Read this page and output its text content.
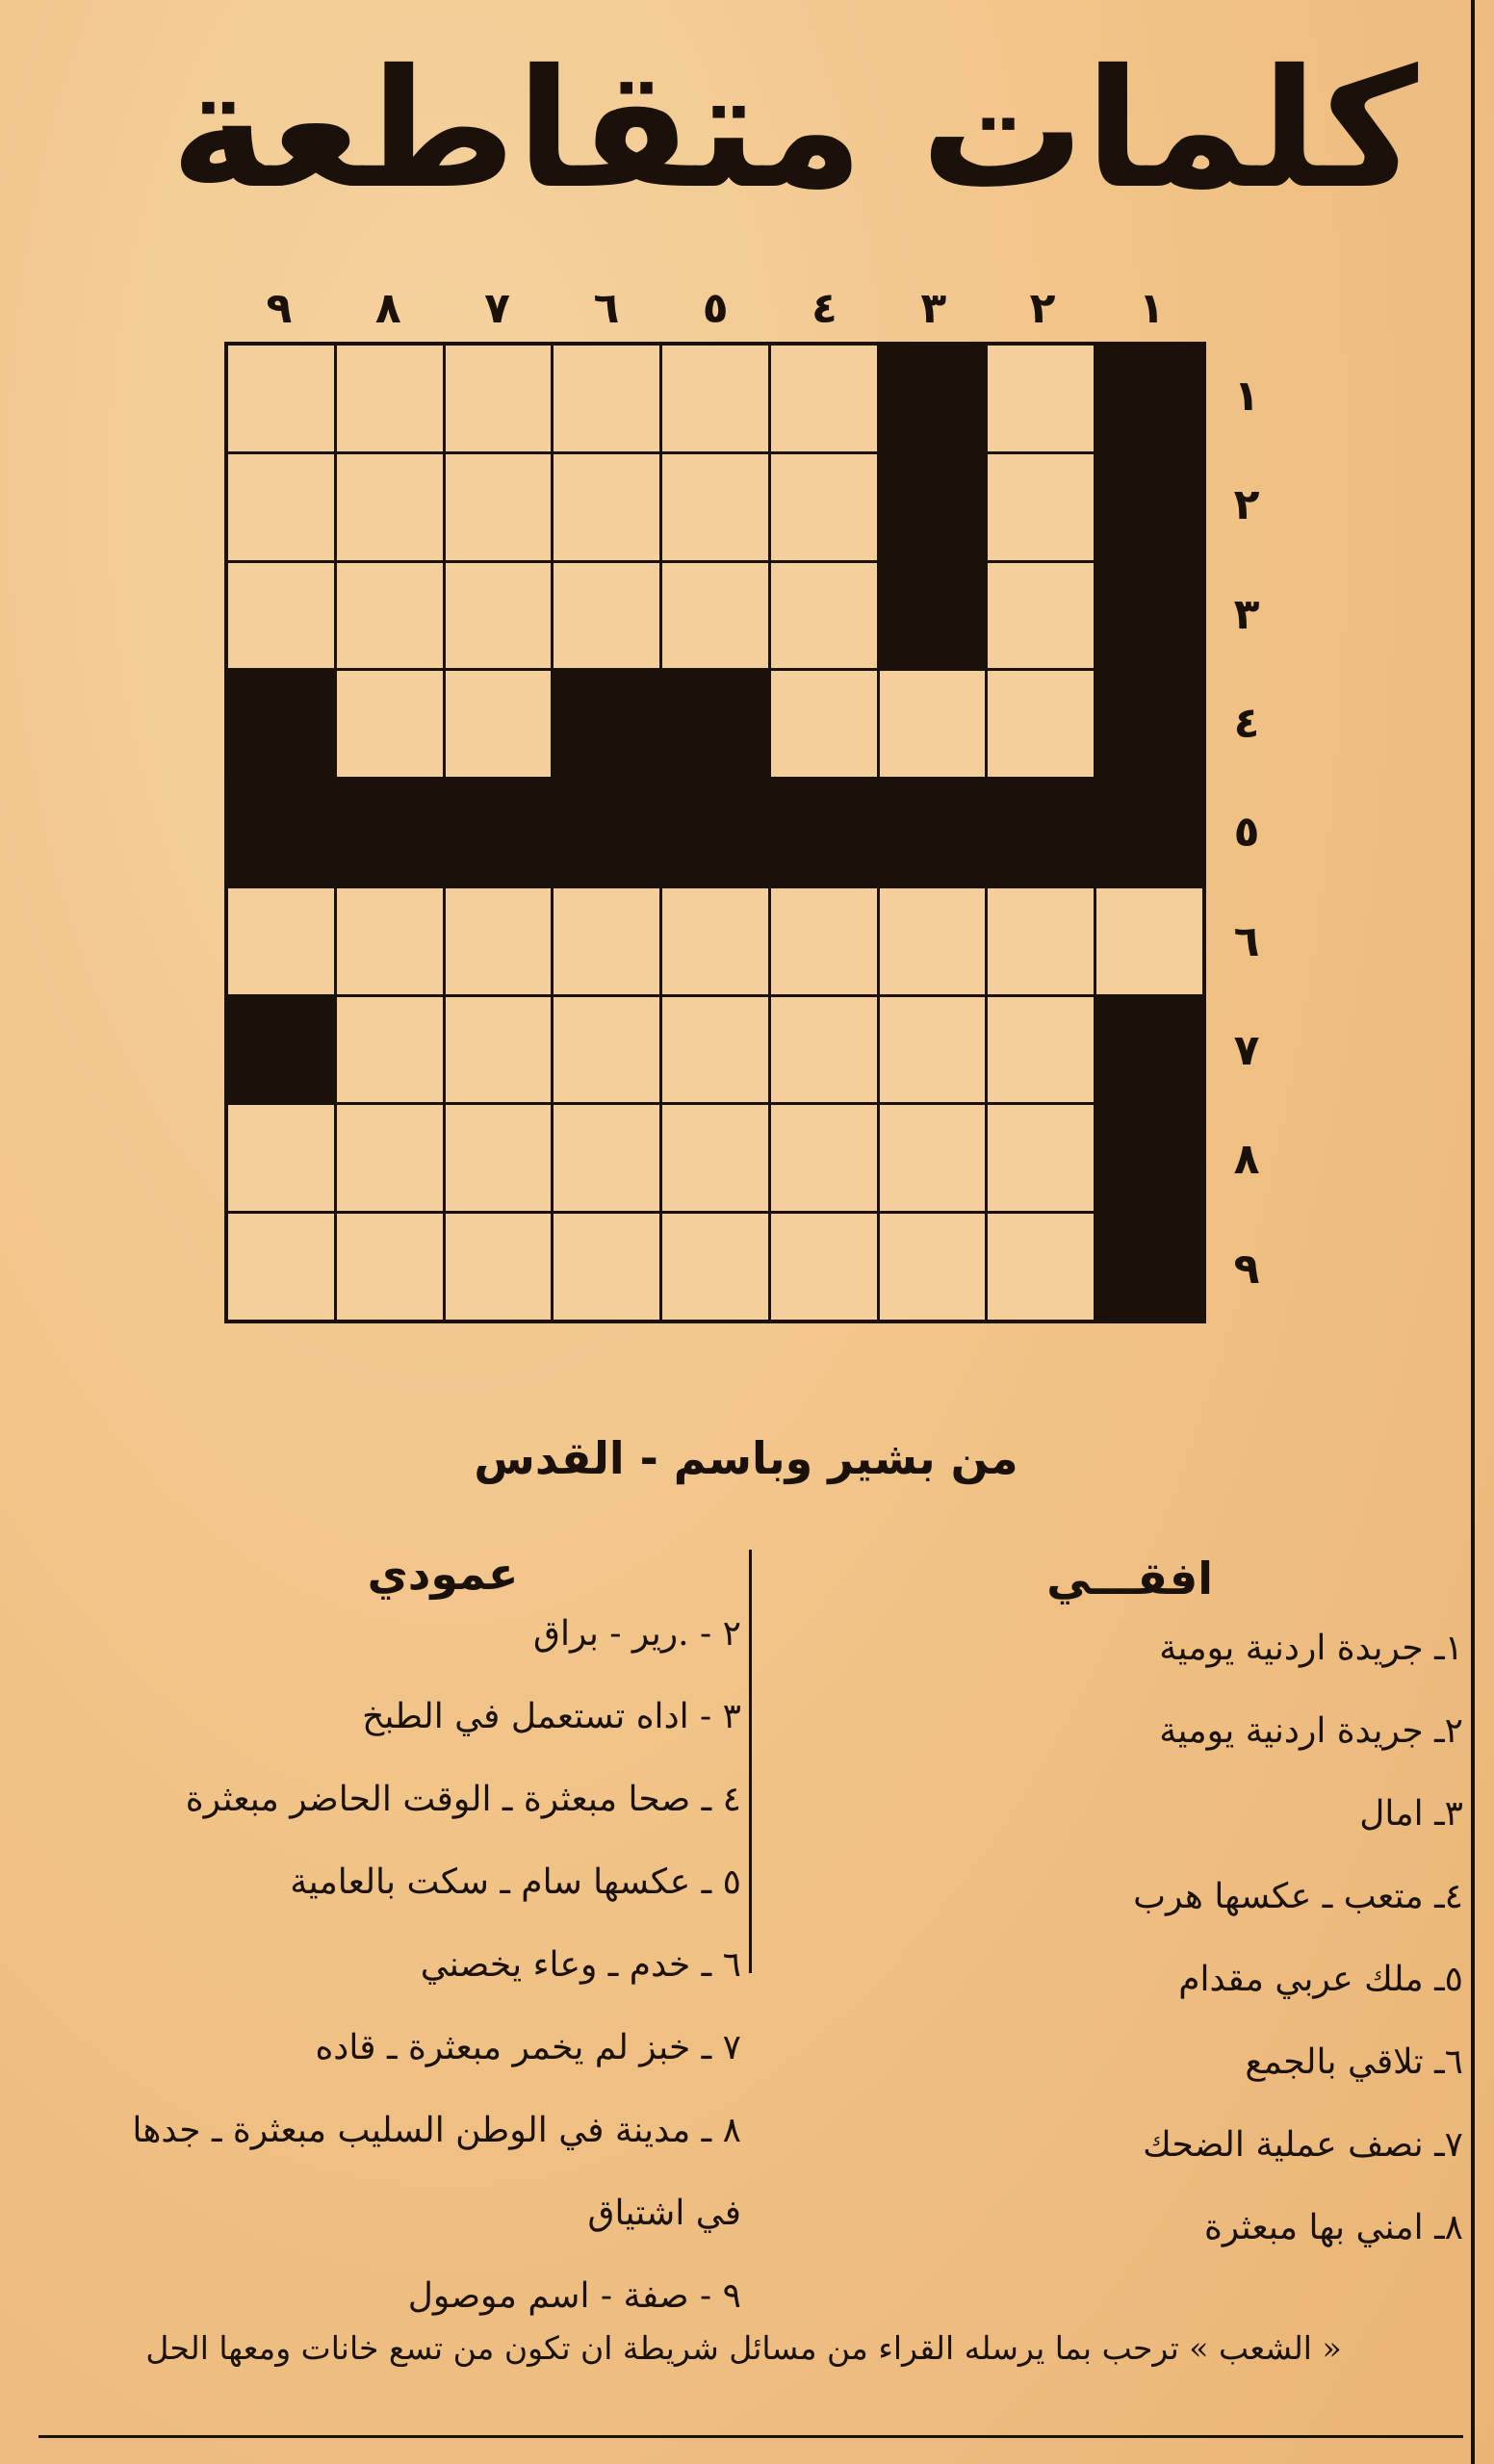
كلمات متقاطعة
١
٢
٣
٤
٥
٦
٧
٨
٩
١
٢
٣
٤
٥
٦
٧
٨
٩
من بشير وباسم - القدس
افقـــي
عمودي
١ـ جريدة اردنية يومية
٢ـ جريدة اردنية يومية
٣ـ امال
٤ـ متعب ـ عكسها هرب
٥ـ ملك عربي مقدام
٦ـ تلاقي بالجمع
٧ـ نصف عملية الضحك
٨ـ امني بها مبعثرة
٢ - .رير - براق
٣ - اداه تستعمل في الطبخ
٤ ـ صحا مبعثرة ـ الوقت الحاضر مبعثرة
٥ ـ عكسها سام ـ سكت بالعامية
٦ ـ خدم ـ وعاء يخصني
٧ ـ خبز لم يخمر مبعثرة ـ قاده
٨ ـ مدينة في الوطن السليب مبعثرة ـ جدها
في اشتياق
٩ - صفة - اسم موصول
« الشعب » ترحب بما يرسله القراء من مسائل شريطة ان تكون من تسع خانات ومعها الحل
